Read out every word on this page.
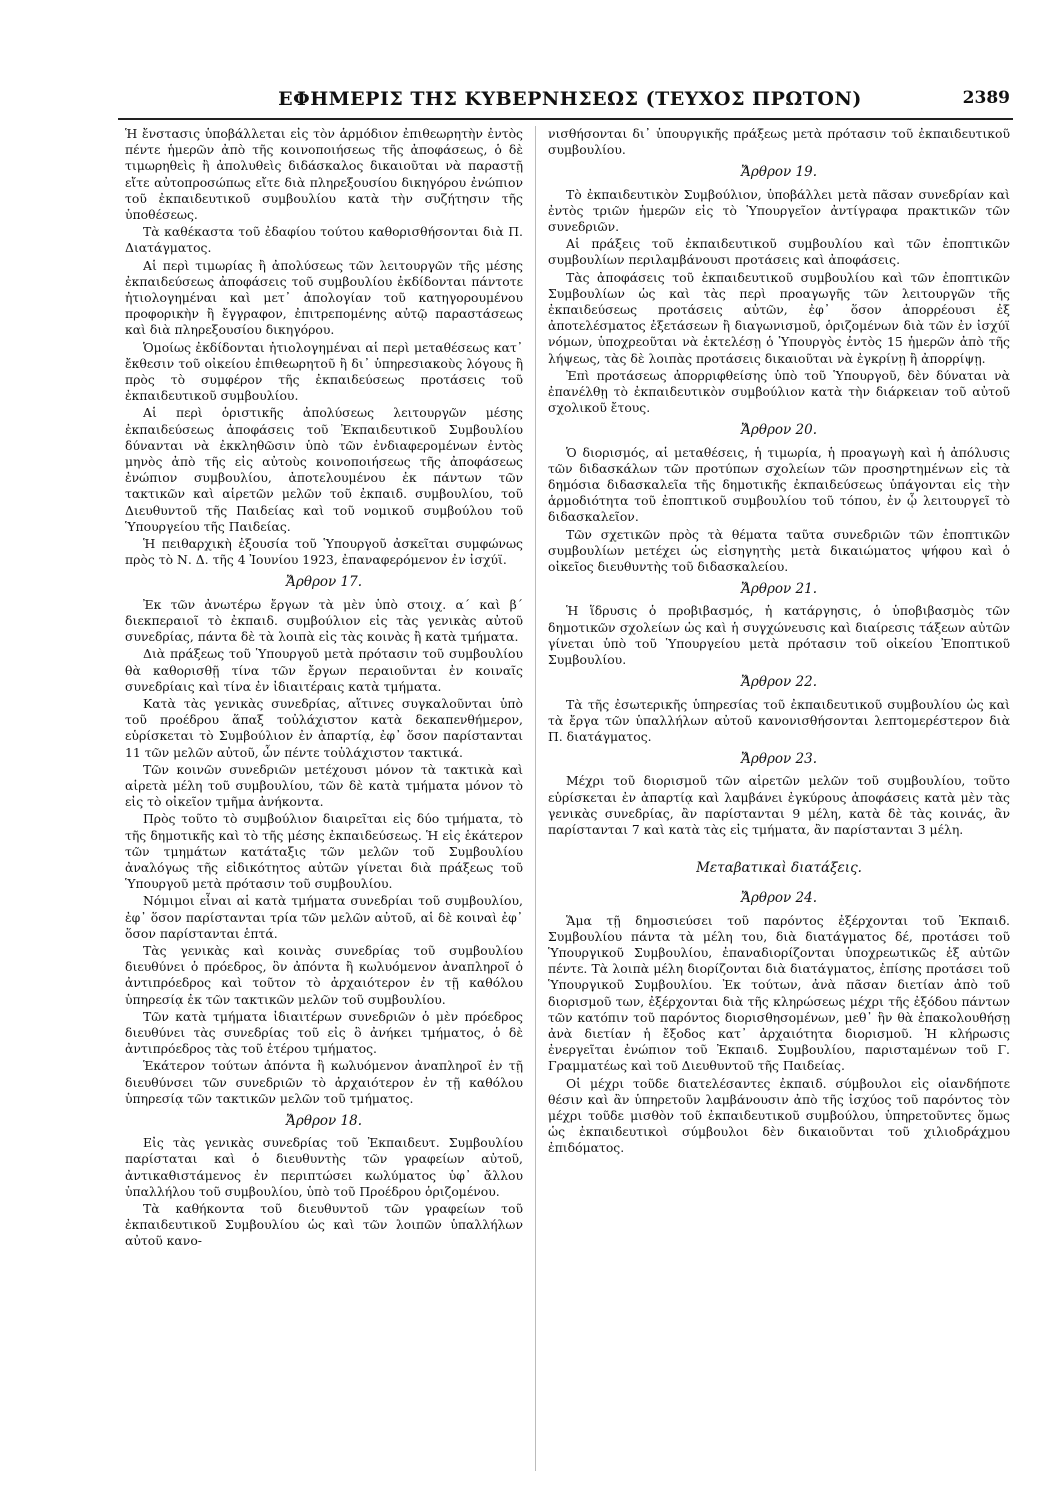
ΕΦΗΜΕΡΙΣ ΤΗΣ ΚΥΒΕΡΝΗΣΕΩΣ (ΤΕΥΧΟΣ ΠΡΩΤΟΝ)	2389

Ἡ ἔνστασις ὑποβάλλεται εἰς τὸν ἁρμόδιον ἐπιθεωρητὴν ἐντὸς πέντε ἡμερῶν ἀπὸ τῆς κοινοποιήσεως τῆς ἀποφάσεως, ὁ δὲ τιμωρηθεὶς ἢ ἀπολυθεὶς διδάσκαλος δικαιοῦται νὰ παραστῇ εἴτε αὐτοπροσώπως εἴτε διὰ πληρεξουσίου δικηγόρου ἐνώπιον τοῦ ἐκπαιδευτικοῦ συμβουλίου κατὰ τὴν συζήτησιν τῆς ὑποθέσεως.

Τὰ καθέκαστα τοῦ ἐδαφίου τούτου καθορισθήσονται διὰ Π. Διατάγματος.

Αἱ περὶ τιμωρίας ἢ ἀπολύσεως τῶν λειτουργῶν τῆς μέσης ἐκπαιδεύσεως ἀποφάσεις τοῦ συμβουλίου ἐκδίδονται πάντοτε ἠτιολογημέναι καὶ μετ᾿ ἀπολογίαν τοῦ κατηγορουμένου προφορικὴν ἢ ἔγγραφον, ἐπιτρεπομένης αὐτῷ παραστάσεως καὶ διὰ πληρεξουσίου δικηγόρου.

Ὁμοίως ἐκδίδονται ἠτιολογημέναι αἱ περὶ μεταθέσεως κατ᾿ ἔκθεσιν τοῦ οἰκείου ἐπιθεωρητοῦ ἢ δι᾿ ὑπηρεσιακοὺς λόγους ἢ πρὸς τὸ συμφέρον τῆς ἐκπαιδεύσεως προτάσεις τοῦ ἐκπαιδευτικοῦ συμβουλίου.

Αἱ περὶ ὁριστικῆς ἀπολύσεως λειτουργῶν μέσης ἐκπαιδεύσεως ἀποφάσεις τοῦ Ἐκπαιδευτικοῦ Συμβουλίου δύνανται νὰ ἐκκληθῶσιν ὑπὸ τῶν ἐνδιαφερομένων ἐντὸς μηνὸς ἀπὸ τῆς εἰς αὐτοὺς κοινοποιήσεως τῆς ἀποφάσεως ἐνώπιον συμβουλίου, ἀποτελουμένου ἐκ πάντων τῶν τακτικῶν καὶ αἱρετῶν μελῶν τοῦ ἐκπαιδ. συμβουλίου, τοῦ Διευθυντοῦ τῆς Παιδείας καὶ τοῦ νομικοῦ συμβούλου τοῦ Ὑπουργείου τῆς Παιδείας.

Ἡ πειθαρχικὴ ἐξουσία τοῦ Ὑπουργοῦ ἀσκεῖται συμφώνως πρὸς τὸ Ν. Δ. τῆς 4 Ἰουνίου 1923, ἐπαναφερόμενον ἐν ἰσχύϊ.

Ἄρθρον 17.

Ἐκ τῶν ἀνωτέρω ἔργων τὰ μὲν ὑπὸ στοιχ. α΄ καὶ β΄ διεκπεραιοῖ τὸ ἐκπαιδ. συμβούλιον εἰς τὰς γενικὰς αὐτοῦ συνεδρίας, πάντα δὲ τὰ λοιπὰ εἰς τὰς κοινὰς ἢ κατὰ τμήματα.

Διὰ πράξεως τοῦ Ὑπουργοῦ μετὰ πρότασιν τοῦ συμβουλίου θὰ καθορισθῇ τίνα τῶν ἔργων περαιοῦνται ἐν κοιναῖς συνεδρίαις καὶ τίνα ἐν ἰδιαιτέραις κατὰ τμήματα.

Κατὰ τὰς γενικὰς συνεδρίας, αἵτινες συγκαλοῦνται ὑπὸ τοῦ προέδρου ἅπαξ τοὐλάχιστον κατὰ δεκαπενθήμερον, εὑρίσκεται τὸ Συμβούλιον ἐν ἀπαρτίᾳ, ἐφ᾿ ὅσον παρίστανται 11 τῶν μελῶν αὐτοῦ, ὧν πέντε τοὐλάχιστον τακτικά.

Τῶν κοινῶν συνεδριῶν μετέχουσι μόνον τὰ τακτικὰ καὶ αἱρετὰ μέλη τοῦ συμβουλίου, τῶν δὲ κατὰ τμήματα μόνον τὸ εἰς τὸ οἰκεῖον τμῆμα ἀνήκοντα.

Πρὸς τοῦτο τὸ συμβούλιον διαιρεῖται εἰς δύο τμήματα, τὸ τῆς δημοτικῆς καὶ τὸ τῆς μέσης ἐκπαιδεύσεως. Ἡ εἰς ἑκάτερον τῶν τμημάτων κατάταξις τῶν μελῶν τοῦ Συμβουλίου ἀναλόγως τῆς εἰδικότητος αὐτῶν γίνεται διὰ πράξεως τοῦ Ὑπουργοῦ μετὰ πρότασιν τοῦ συμβουλίου.

Νόμιμοι εἶναι αἱ κατὰ τμήματα συνεδρίαι τοῦ συμβουλίου, ἐφ᾿ ὅσον παρίστανται τρία τῶν μελῶν αὐτοῦ, αἱ δὲ κοιναὶ ἐφ᾿ ὅσον παρίστανται ἑπτά.

Τὰς γενικὰς καὶ κοινὰς συνεδρίας τοῦ συμβουλίου διευθύνει ὁ πρόεδρος, ὃν ἀπόντα ἢ κωλυόμενον ἀναπληροῖ ὁ ἀντιπρόεδρος καὶ τοῦτον τὸ ἀρχαιότερον ἐν τῇ καθόλου ὑπηρεσίᾳ ἐκ τῶν τακτικῶν μελῶν τοῦ συμβουλίου.

Τῶν κατὰ τμήματα ἰδιαιτέρων συνεδριῶν ὁ μὲν πρόεδρος διευθύνει τὰς συνεδρίας τοῦ εἰς ὃ ἀνήκει τμήματος, ὁ δὲ ἀντιπρόεδρος τὰς τοῦ ἑτέρου τμήματος.

Ἑκάτερον τούτων ἀπόντα ἢ κωλυόμενον ἀναπληροῖ ἐν τῇ διευθύνσει τῶν συνεδριῶν τὸ ἀρχαιότερον ἐν τῇ καθόλου ὑπηρεσίᾳ τῶν τακτικῶν μελῶν τοῦ τμήματος.

Ἄρθρον 18.

Εἰς τὰς γενικὰς συνεδρίας τοῦ Ἐκπαιδευτ. Συμβουλίου παρίσταται καὶ ὁ διευθυντὴς τῶν γραφείων αὐτοῦ, ἀντικαθιστάμενος ἐν περιπτώσει κωλύματος ὑφ᾿ ἄλλου ὑπαλλήλου τοῦ συμβουλίου, ὑπὸ τοῦ Προέδρου ὁριζομένου.

Τὰ καθήκοντα τοῦ διευθυντοῦ τῶν γραφείων τοῦ ἐκπαιδευτικοῦ Συμβουλίου ὡς καὶ τῶν λοιπῶν ὑπαλλήλων αὐτοῦ κανο-

νισθήσονται δι᾿ ὑπουργικῆς πράξεως μετὰ πρότασιν τοῦ ἐκπαιδευτικοῦ συμβουλίου.

Ἄρθρον 19.

Τὸ ἐκπαιδευτικὸν Συμβούλιον, ὑποβάλλει μετὰ πᾶσαν συνεδρίαν καὶ ἐντὸς τριῶν ἡμερῶν εἰς τὸ Ὑπουργεῖον ἀντίγραφα πρακτικῶν τῶν συνεδριῶν.

Αἱ πράξεις τοῦ ἐκπαιδευτικοῦ συμβουλίου καὶ τῶν ἐποπτικῶν συμβουλίων περιλαμβάνουσι προτάσεις καὶ ἀποφάσεις.

Τὰς ἀποφάσεις τοῦ ἐκπαιδευτικοῦ συμβουλίου καὶ τῶν ἐποπτικῶν Συμβουλίων ὡς καὶ τὰς περὶ προαγωγῆς τῶν λειτουργῶν τῆς ἐκπαιδεύσεως προτάσεις αὐτῶν, ἐφ᾿ ὅσον ἀπορρέουσι ἐξ ἀποτελέσματος ἐξετάσεων ἢ διαγωνισμοῦ, ὁριζομένων διὰ τῶν ἐν ἰσχύϊ νόμων, ὑποχρεοῦται νὰ ἐκτελέσῃ ὁ Ὑπουργὸς ἐντὸς 15 ἡμερῶν ἀπὸ τῆς λήψεως, τὰς δὲ λοιπὰς προτάσεις δικαιοῦται νὰ ἐγκρίνῃ ἢ ἀπορρίψῃ.

Ἐπὶ προτάσεως ἀπορριφθείσης ὑπὸ τοῦ Ὑπουργοῦ, δὲν δύναται νὰ ἐπανέλθῃ τὸ ἐκπαιδευτικὸν συμβούλιον κατὰ τὴν διάρκειαν τοῦ αὐτοῦ σχολικοῦ ἔτους.

Ἄρθρον 20.

Ὁ διορισμός, αἱ μεταθέσεις, ἡ τιμωρία, ἡ προαγωγὴ καὶ ἡ ἀπόλυσις τῶν διδασκάλων τῶν προτύπων σχολείων τῶν προσηρτημένων εἰς τὰ δημόσια διδασκαλεῖα τῆς δημοτικῆς ἐκπαιδεύσεως ὑπάγονται εἰς τὴν ἁρμοδιότητα τοῦ ἐποπτικοῦ συμβουλίου τοῦ τόπου, ἐν ᾧ λειτουργεῖ τὸ διδασκαλεῖον.

Τῶν σχετικῶν πρὸς τὰ θέματα ταῦτα συνεδριῶν τῶν ἐποπτικῶν συμβουλίων μετέχει ὡς εἰσηγητὴς μετὰ δικαιώματος ψήφου καὶ ὁ οἰκεῖος διευθυντὴς τοῦ διδασκαλείου.

Ἄρθρον 21.

Ἡ ἵδρυσις ὁ προβιβασμός, ἡ κατάργησις, ὁ ὑποβιβασμὸς τῶν δημοτικῶν σχολείων ὡς καὶ ἡ συγχώνευσις καὶ διαίρεσις τάξεων αὐτῶν γίνεται ὑπὸ τοῦ Ὑπουργείου μετὰ πρότασιν τοῦ οἰκείου Ἐποπτικοῦ Συμβουλίου.

Ἄρθρον 22.

Τὰ τῆς ἐσωτερικῆς ὑπηρεσίας τοῦ ἐκπαιδευτικοῦ συμβουλίου ὡς καὶ τὰ ἔργα τῶν ὑπαλλήλων αὐτοῦ κανονισθήσονται λεπτομερέστερον διὰ Π. διατάγματος.

Ἄρθρον 23.

Μέχρι τοῦ διορισμοῦ τῶν αἱρετῶν μελῶν τοῦ συμβουλίου, τοῦτο εὑρίσκεται ἐν ἀπαρτίᾳ καὶ λαμβάνει ἐγκύρους ἀποφάσεις κατὰ μὲν τὰς γενικὰς συνεδρίας, ἂν παρίστανται 9 μέλη, κατὰ δὲ τὰς κοινάς, ἂν παρίστανται 7 καὶ κατὰ τὰς εἰς τμήματα, ἂν παρίστανται 3 μέλη.

Μεταβατικαὶ διατάξεις.
Ἄρθρον 24.

Ἅμα τῇ δημοσιεύσει τοῦ παρόντος ἐξέρχονται τοῦ Ἐκπαιδ. Συμβουλίου πάντα τὰ μέλη του, διὰ διατάγματος δέ, προτάσει τοῦ Ὑπουργικοῦ Συμβουλίου, ἐπαναδιορίζονται ὑποχρεωτικῶς ἐξ αὐτῶν πέντε. Τὰ λοιπὰ μέλη διορίζονται διὰ διατάγματος, ἐπίσης προτάσει τοῦ Ὑπουργικοῦ Συμβουλίου. Ἐκ τούτων, ἀνὰ πᾶσαν διετίαν ἀπὸ τοῦ διορισμοῦ των, ἐξέρχονται διὰ τῆς κληρώσεως μέχρι τῆς ἐξόδου πάντων τῶν κατόπιν τοῦ παρόντος διορισθησομένων, μεθ᾿ ἣν θὰ ἐπακολουθήσῃ ἀνὰ διετίαν ἡ ἔξοδος κατ᾿ ἀρχαιότητα διορισμοῦ. Ἡ κλήρωσις ἐνεργεῖται ἐνώπιον τοῦ Ἐκπαιδ. Συμβουλίου, παρισταμένων τοῦ Γ. Γραμματέως καὶ τοῦ Διευθυντοῦ τῆς Παιδείας.

Οἱ μέχρι τοῦδε διατελέσαντες ἐκπαιδ. σύμβουλοι εἰς οἱανδήποτε θέσιν καὶ ἂν ὑπηρετοῦν λαμβάνουσιν ἀπὸ τῆς ἰσχύος τοῦ παρόντος τὸν μέχρι τοῦδε μισθὸν τοῦ ἐκπαιδευτικοῦ συμβούλου, ὑπηρετοῦντες ὅμως ὡς ἐκπαιδευτικοὶ σύμβουλοι δὲν δικαιοῦνται τοῦ χιλιοδράχμου ἐπιδόματος.
